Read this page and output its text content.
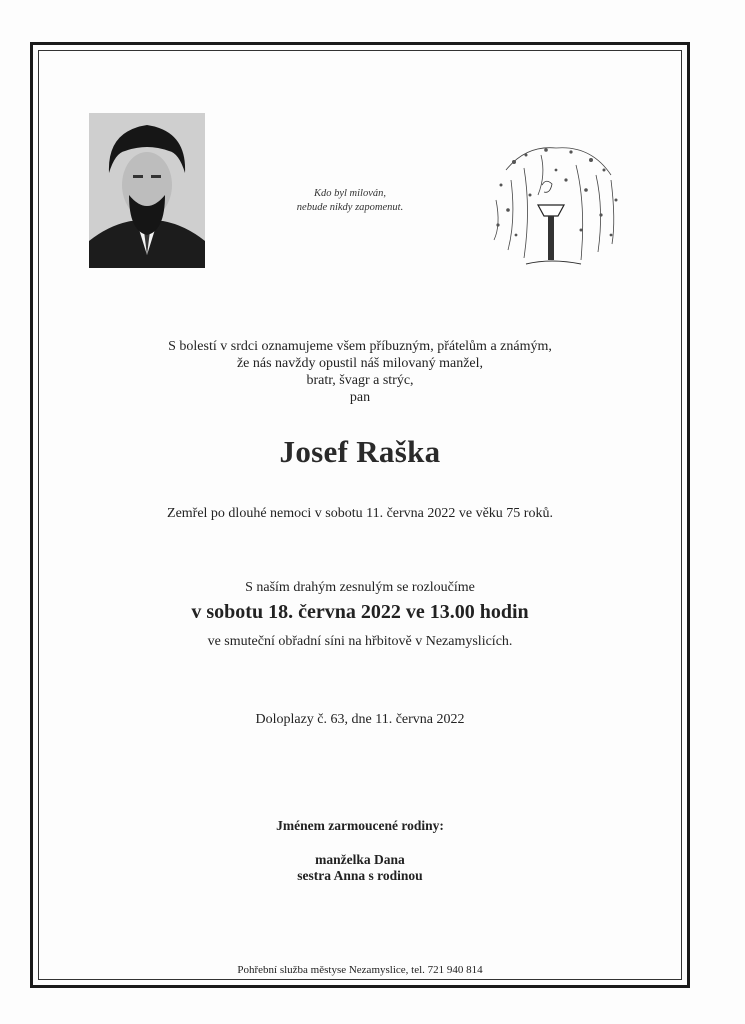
Kdo byl milován,
nebude nikdy zapomenut.
S bolestí v srdci oznamujeme všem příbuzným, přátelům a známým,
že nás navždy opustil náš milovaný manžel,
bratr, švagr a strýc,
pan
Josef Raška
Zemřel po dlouhé nemoci v sobotu 11. června 2022 ve věku 75 roků.
S naším drahým zesnulým se rozloučíme
v sobotu 18. června 2022 ve 13.00 hodin
ve smuteční obřadní síni na hřbitově v Nezamyslicích.
Doloplazy č. 63, dne 11. června 2022
Jménem zarmoucené rodiny:
manželka Dana
sestra Anna s rodinou
Pohřební služba městyse Nezamyslice, tel. 721 940 814
